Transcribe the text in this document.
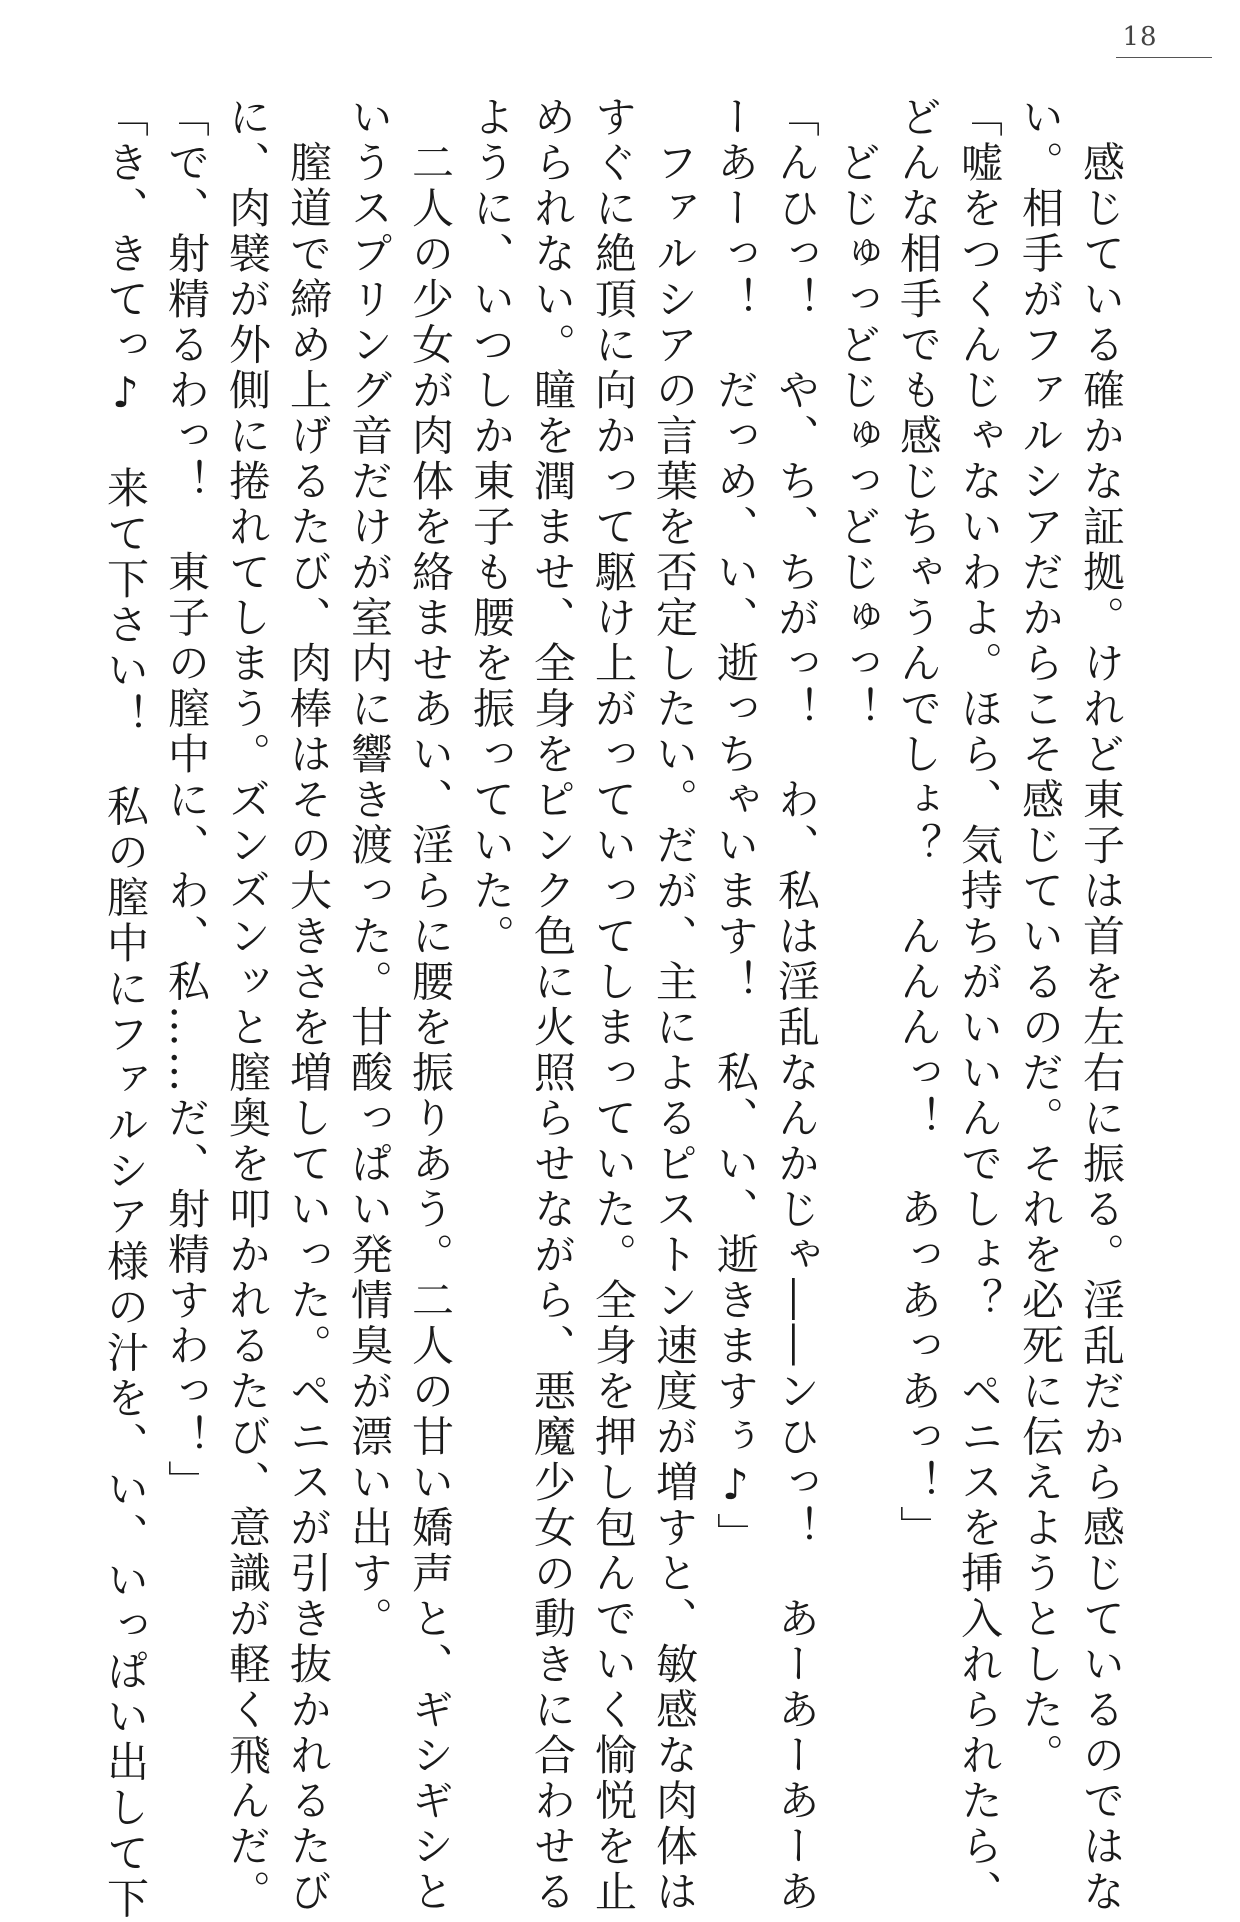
18
　感じている確かな証拠。けれど東子は首を左右に振る。淫乱だから感じているのではな
い。相手がファルシアだからこそ感じているのだ。それを必死に伝えようとした。
「嘘をつくんじゃないわよ。ほら、気持ちがいいんでしょ？　ペニスを挿入れられたら、
どんな相手でも感じちゃうんでしょ？　んんんっ！　あっあっあっ！」
　どじゅっどじゅっどじゅっ！
「んひっ！　や、ち、ちがっ！　わ、私は淫乱なんかじゃ――ンひっ！　あーあーあーあ
ーあーっ！　だっめ、い、逝っちゃいます！　私、い、逝きますぅ♪」
　ファルシアの言葉を否定したい。だが、主によるピストン速度が増すと、敏感な肉体は
すぐに絶頂に向かって駆け上がっていってしまっていた。全身を押し包んでいく愉悦を止
められない。瞳を潤ませ、全身をピンク色に火照らせながら、悪魔少女の動きに合わせる
ように、いつしか東子も腰を振っていた。
　二人の少女が肉体を絡ませあい、淫らに腰を振りあう。二人の甘い嬌声と、ギシギシと
いうスプリング音だけが室内に響き渡った。甘酸っぱい発情臭が漂い出す。
　膣道で締め上げるたび、肉棒はその大きさを増していった。ペニスが引き抜かれるたび
に、肉襞が外側に捲れてしまう。ズンズンッと膣奥を叩かれるたび、意識が軽く飛んだ。
「で、射精るわっ！　東子の膣中に、わ、私……だ、射精すわっ！」
「き、きてっ♪　来て下さい！　私の膣中にファルシア様の汁を、い、いっぱい出して下
